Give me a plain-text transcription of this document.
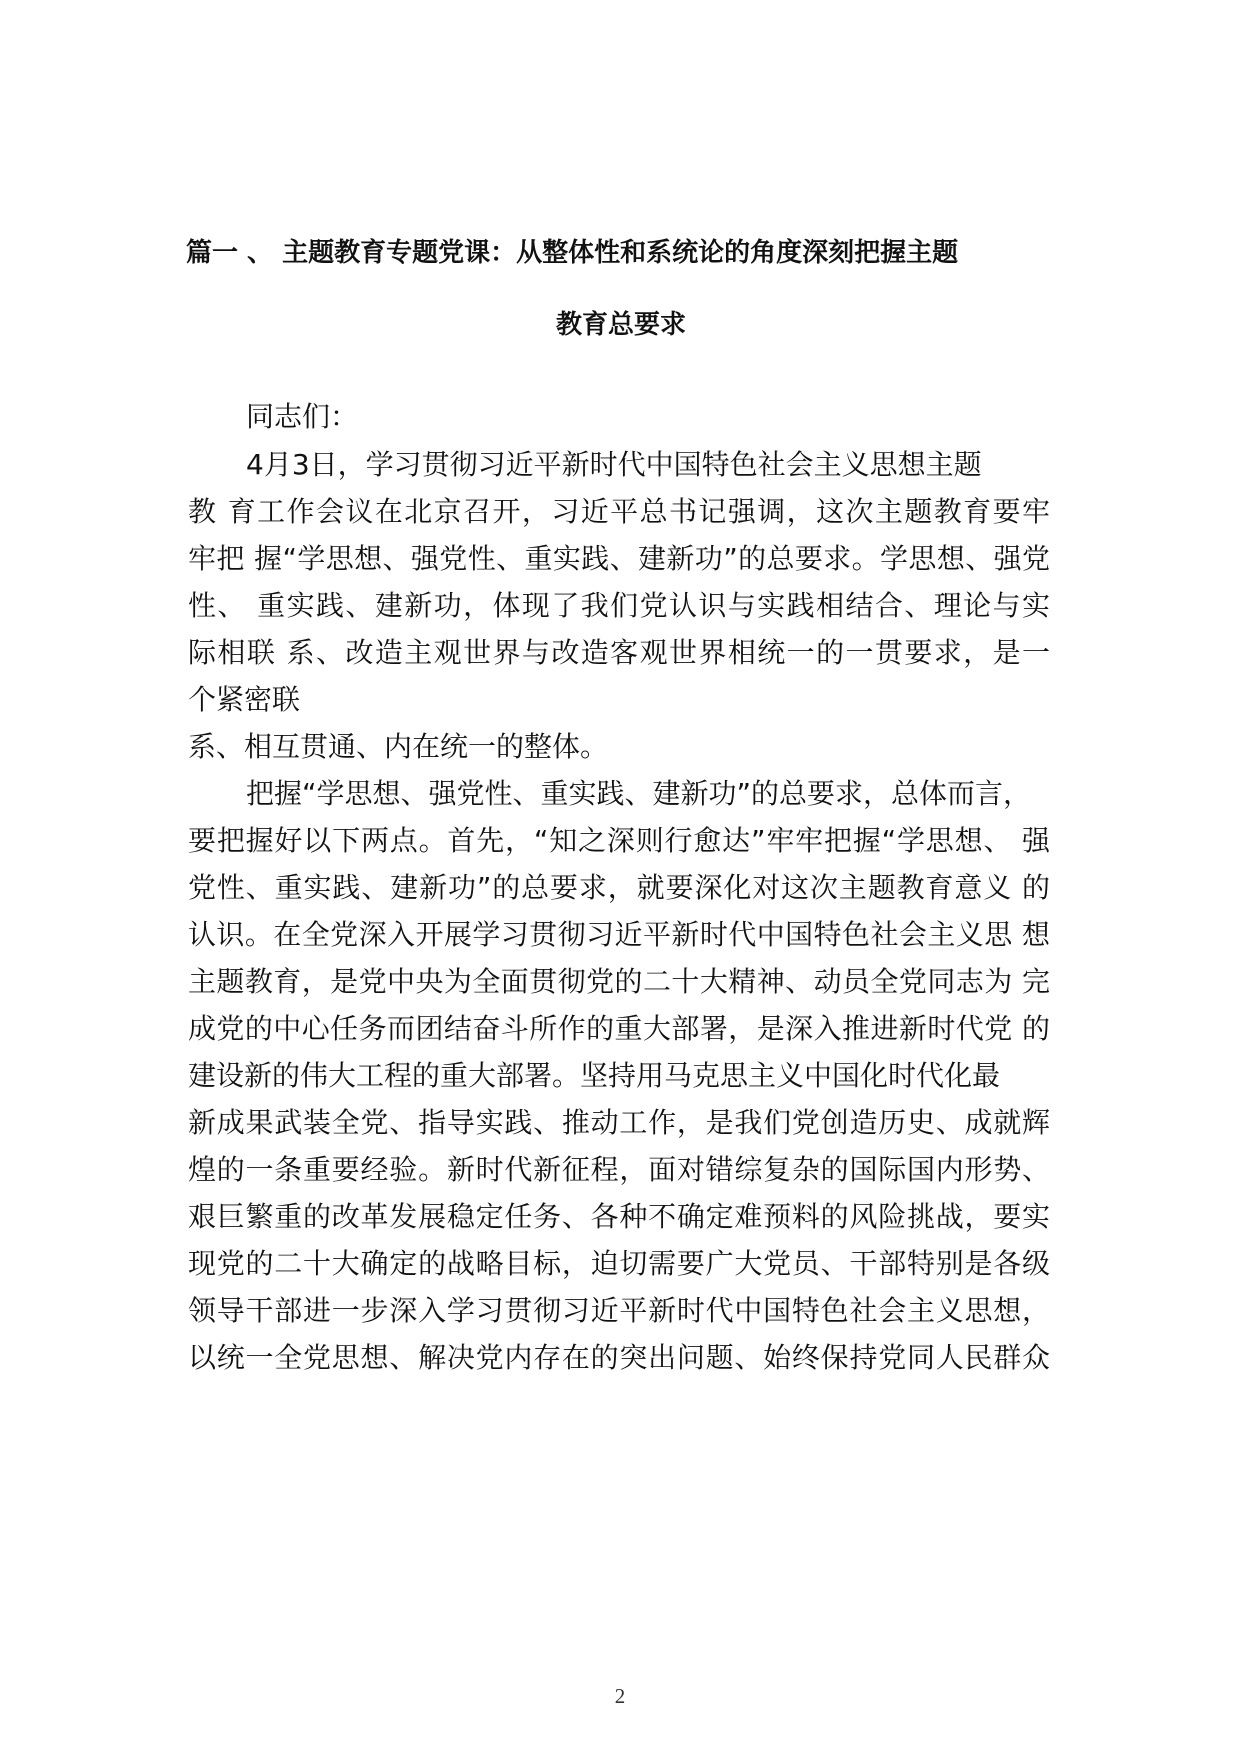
篇一 、 主题教育专题党课：从整体性和系统论的角度深刻把握主题
教育总要求
同志们：
4月3日，学习贯彻习近平新时代中国特色社会主义思想主题
教 育工作会议在北京召开，习近平总书记强调，这次主题教育要牢
牢把 握“学思想、强党性、重实践、建新功”的总要求。学思想、强党
性、 重实践、建新功，体现了我们党认识与实践相结合、理论与实
际相联 系、改造主观世界与改造客观世界相统一的一贯要求，是一
个紧密联
系、相互贯通、内在统一的整体。
把握“学思想、强党性、重实践、建新功”的总要求，总体而言，
要把握好以下两点。首先，“知之深则行愈达”牢牢把握“学思想、 强
党性、重实践、建新功”的总要求，就要深化对这次主题教育意义 的
认识。在全党深入开展学习贯彻习近平新时代中国特色社会主义思 想
主题教育，是党中央为全面贯彻党的二十大精神、动员全党同志为 完
成党的中心任务而团结奋斗所作的重大部署，是深入推进新时代党 的
建设新的伟大工程的重大部署。坚持用马克思主义中国化时代化最
新成果武装全党、指导实践、推动工作，是我们党创造历史、成就辉
煌的一条重要经验。新时代新征程，面对错综复杂的国际国内形势、
艰巨繁重的改革发展稳定任务、各种不确定难预料的风险挑战，要实
现党的二十大确定的战略目标，迫切需要广大党员、干部特别是各级
领导干部进一步深入学习贯彻习近平新时代中国特色社会主义思想，
以统一全党思想、解决党内存在的突出问题、始终保持党同人民群众
2
